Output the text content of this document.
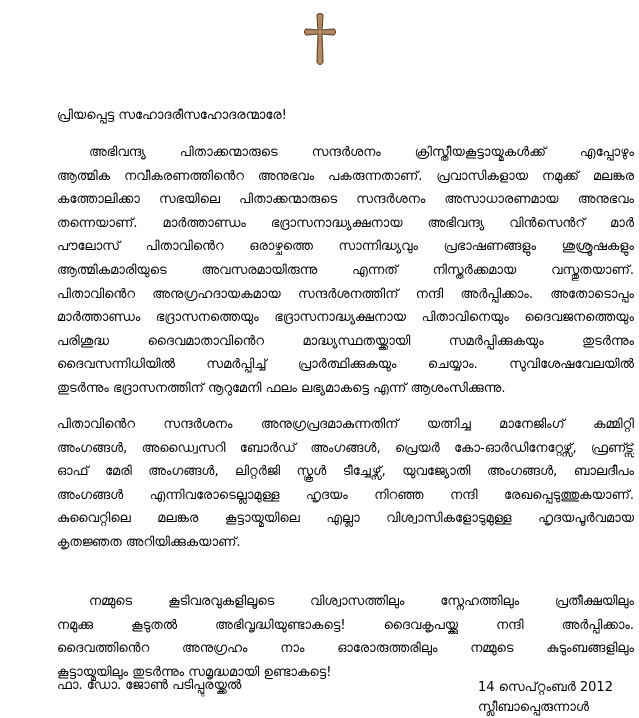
പ്രിയപ്പെട്ട സഹോദരീസഹോദരന്മാരേ!

അഭിവന്ദ്യ പിതാക്കന്മാരുടെ സന്ദർശനം ക്രിസ്തീയകൂട്ടായ്മകൾക്ക് എപ്പോഴും
ആത്മിക നവീകരണത്തിൻെറ അനുഭവം പകരുന്നതാണ്. പ്രവാസികളായ നമുക്ക് മലങ്കര
കത്തോലിക്കാ സഭയിലെ പിതാക്കന്മാരുടെ സന്ദർശനം അസാധാരണമായ അനുഭവം
തന്നെയാണ്. മാർത്താണ്ഡം ഭദ്രാസനാദ്ധ്യക്ഷനായ അഭിവന്ദ്യ വിൻസെൻറ് മാർ
പൗലോസ് പിതാവിൻെറ ഒരാഴ്ചത്തെ സാന്നിദ്ധ്യവും പ്രഭാഷണങ്ങളും ശുശ്രൂഷകളും
ആത്മികമാരിയുടെ അവസരമായിരുന്നു എന്നത് നിസ്തർക്കമായ വസ്തുതയാണ്.
പിതാവിൻെറ അനുഗ്രഹദായകമായ സന്ദർശനത്തിന് നന്ദി അർപ്പിക്കാം. അതോടൊപ്പം
മാർത്താണ്ഡം ഭദ്രാസനത്തെയും ഭദ്രാസനാദ്ധ്യക്ഷനായ പിതാവിനെയും ദൈവജനത്തെയും
പരിശുദ്ധ ദൈവമാതാവിൻെറ മാദ്ധ്യസ്ഥതയ്ക്കായി സമർപ്പിക്കുകയും തുടർന്നും
ദൈവസന്നിധിയിൽ സമർപ്പിച്ച് പ്രാർത്ഥിക്കുകയും ചെയ്യാം. സുവിശേഷവേലയിൽ
തുടർന്നും ഭദ്രാസനത്തിന് നൂറുമേനി ഫലം ലഭ്യമാകട്ടെ എന്ന് ആശംസിക്കുന്നു.
പിതാവിൻെറ സന്ദർശനം അനുഗ്രപ്രദമാകുന്നതിന് യത്നിച്ച മാനേജിംഗ് കമ്മിറ്റി
അംഗങ്ങൾ, അഡ്വൈസറി ബോർഡ് അംഗങ്ങൾ, പ്രെയർ കോ-ഓർഡിനേറ്റേഴ്സ്, ഫ്രണ്ട്സ്
ഓഫ് മേരി അംഗങ്ങൾ, ലിറ്റർജി സ്കൂൾ ടീച്ചേഴ്സ്, യുവജ്യോതി അംഗങ്ങൾ, ബാലദീപം
അംഗങ്ങൾ എന്നിവരോടെല്ലാമുള്ള ഹൃദയം നിറഞ്ഞ നന്ദി രേഖപ്പെടുത്തുകയാണ്.
കുവൈറ്റിലെ മലങ്കര കൂട്ടായ്മയിലെ എല്ലാ വിശ്വാസികളോടുമുള്ള ഹൃദയപൂർവമായ
കൃതജ്ഞത അറിയിക്കുകയാണ്.
നമ്മുടെ കൂടിവരവുകളിലൂടെ വിശ്വാസത്തിലും സ്നേഹത്തിലും പ്രതീക്ഷയിലും
നമുക്കു കൂടുതൽ അഭിവൃദ്ധിയുണ്ടാകട്ടെ! ദൈവകൃപയ്ക്കു നന്ദി അർപ്പിക്കാം.
ദൈവത്തിൻെറ അനുഗ്രഹം നാം ഓരോരുത്തരിലും നമ്മുടെ കുടുംബങ്ങളിലും
കൂട്ടായ്മയിലും തുടർന്നും സമൃദ്ധമായി ഉണ്ടാകട്ടെ!

ഫാ. ഡോ. ജോൺ പടിപ്പുരയ്ക്കൽ	14 സെപ്റ്റംബർ 2012
സ്ലീബാപ്പെരുന്നാൾ
